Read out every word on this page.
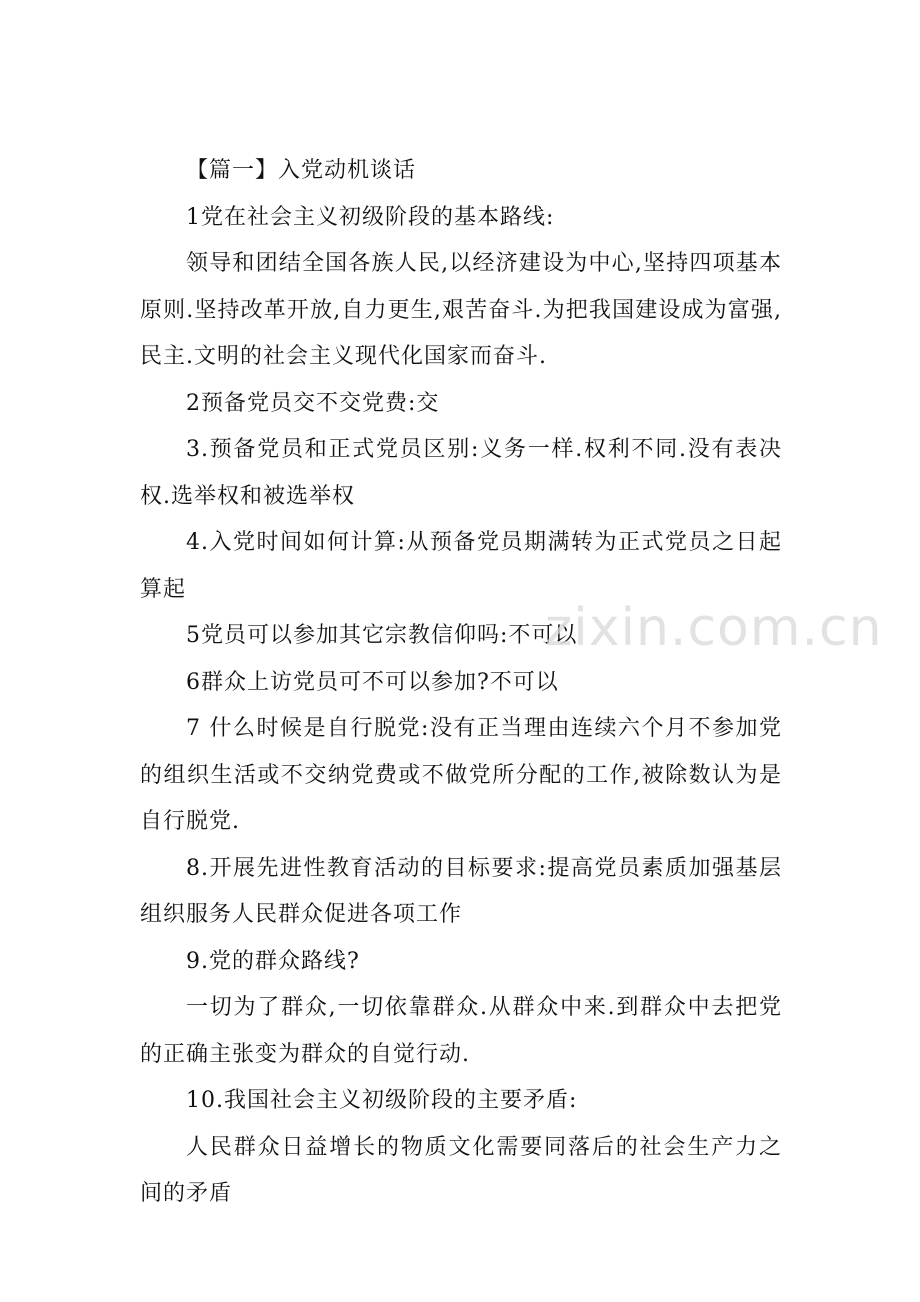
【篇一】入党动机谈话

1党在社会主义初级阶段的基本路线:

领导和团结全国各族人民,以经济建设为中心,坚持四项基本原则.坚持改革开放,自力更生,艰苦奋斗.为把我国建设成为富强,民主.文明的社会主义现代化国家而奋斗.

2预备党员交不交党费:交

3.预备党员和正式党员区别:义务一样.权利不同.没有表决权.选举权和被选举权

4.入党时间如何计算:从预备党员期满转为正式党员之日起算起

5党员可以参加其它宗教信仰吗:不可以

6群众上访党员可不可以参加?不可以

7 什么时候是自行脱党:没有正当理由连续六个月不参加党的组织生活或不交纳党费或不做党所分配的工作,被除数认为是自行脱党.

8.开展先进性教育活动的目标要求:提高党员素质加强基层组织服务人民群众促进各项工作

9.党的群众路线?

一切为了群众,一切依靠群众.从群众中来.到群众中去把党的正确主张变为群众的自觉行动.

10.我国社会主义初级阶段的主要矛盾:

人民群众日益增长的物质文化需要同落后的社会生产力之间的矛盾

zixin.com.cn
